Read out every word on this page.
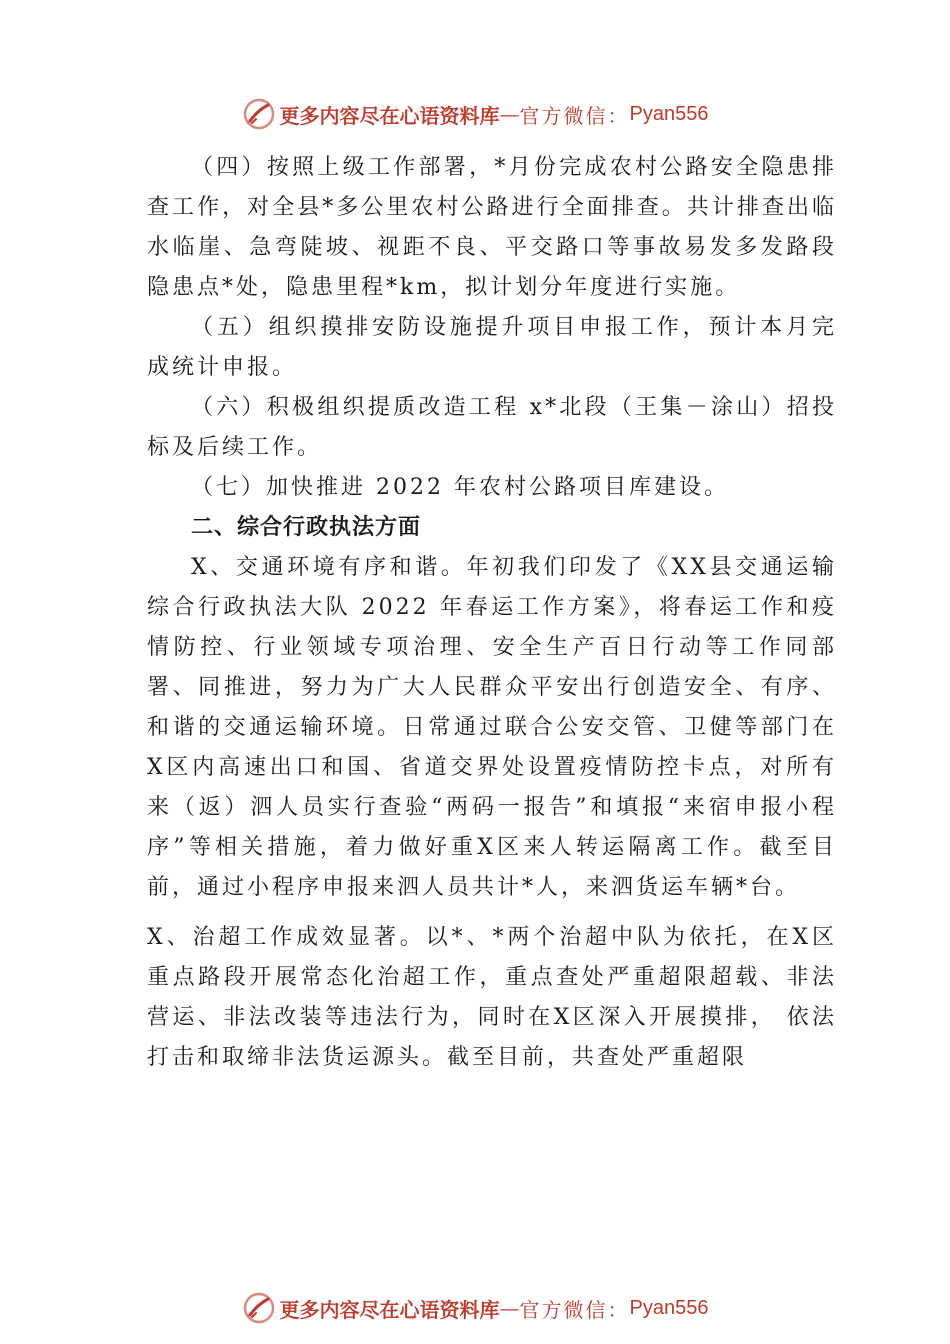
更多内容尽在心语资料库 — 官方微信： Pyan556

（四）按照上级工作部署，*月份完成农村公路安全隐患排查工作，对全县*多公里农村公路进行全面排查。共计排查出临水临崖、急弯陡坡、视距不良、平交路口等事故易发多发路段隐患点*处，隐患里程*km，拟计划分年度进行实施。

（五）组织摸排安防设施提升项目申报工作，预计本月完成统计申报。

（六）积极组织提质改造工程 x*北段（王集－涂山）招投标及后续工作。

（七）加快推进 2022 年农村公路项目库建设。

二、综合行政执法方面

X、交通环境有序和谐。年初我们印发了《XX县交通运输综合行政执法大队 2022 年春运工作方案》，将春运工作和疫情防控、行业领域专项治理、安全生产百日行动等工作同部署、同推进，努力为广大人民群众平安出行创造安全、有序、和谐的交通运输环境。日常通过联合公安交管、卫健等部门在X区内高速出口和国、省道交界处设置疫情防控卡点，对所有来（返）泗人员实行查验“两码一报告”和填报“来宿申报小程序”等相关措施，着力做好重X区来人转运隔离工作。截至目前，通过小程序申报来泗人员共计*人，来泗货运车辆*台。

X、治超工作成效显著。以*、*两个治超中队为依托，在X区重点路段开展常态化治超工作，重点查处严重超限超载、非法营运、非法改装等违法行为，同时在X区深入开展摸排， 依法打击和取缔非法货运源头。截至目前，共查处严重超限

更多内容尽在心语资料库 — 官方微信： Pyan556
